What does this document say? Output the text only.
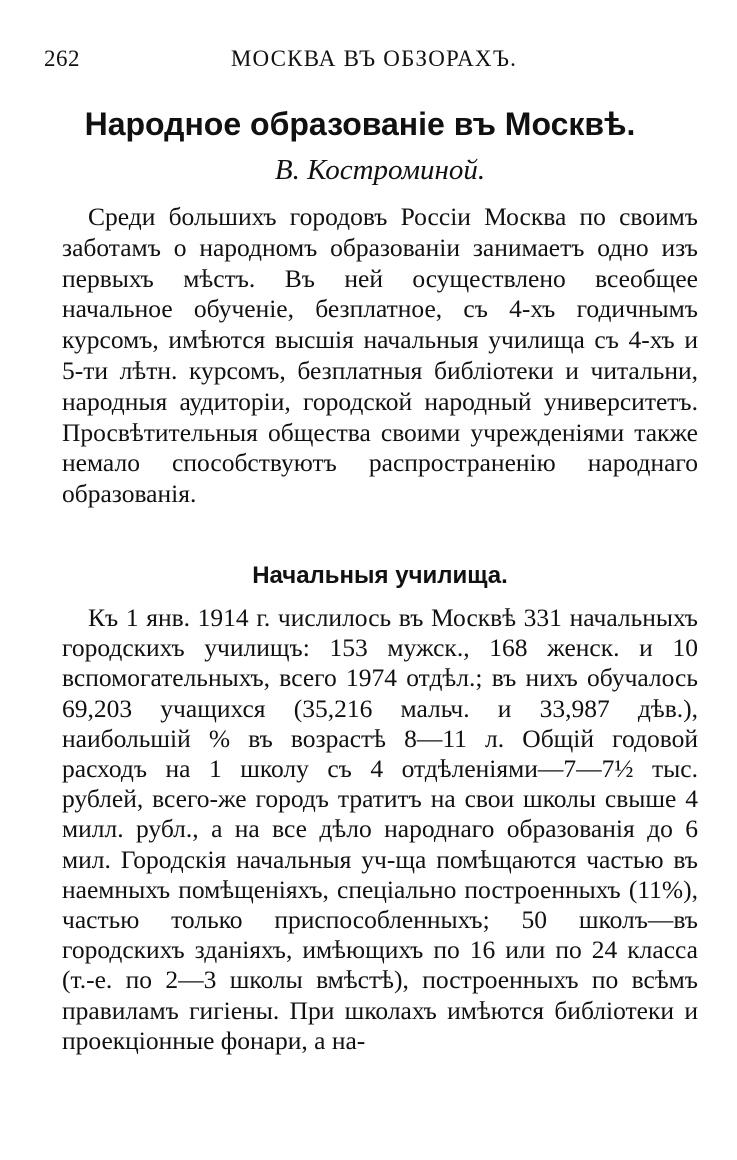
262	МОСКВА ВЪ ОБЗОРАХЪ.
Народное образованіе въ Москвѣ.
В. Костроминой.

Среди большихъ городовъ Россіи Москва по своимъ заботамъ о народномъ образованіи занимаетъ одно изъ первыхъ мѣстъ. Въ ней осуществлено всеобщее начальное обученіе, безплатное, съ 4-хъ годичнымъ курсомъ, имѣются высшія начальныя училища съ 4-хъ и 5-ти лѣтн. курсомъ, безплатныя библіотеки и читальни, народныя аудиторіи, городской народный университетъ. Просвѣтительныя общества своими учрежденіями также немало способствуютъ распространенію народнаго образованія.

Начальныя училища.

Къ 1 янв. 1914 г. числилось въ Москвѣ 331 начальныхъ городскихъ училищъ: 153 мужск., 168 женск. и 10 вспомогательныхъ, всего 1974 отдѣл.; въ нихъ обучалось 69,203 учащихся (35,216 мальч. и 33,987 дѣв.), наибольшій % въ возрастѣ 8—11 л. Общій годовой расходъ на 1 школу съ 4 отдѣленіями—7—7½ тыс. рублей, всего-же городъ тратитъ на свои школы свыше 4 милл. рубл., а на все дѣло народнаго образованія до 6 мил. Городскія начальныя уч-ща помѣщаются частью въ наемныхъ помѣщеніяхъ, спеціально построенныхъ (11%), частью только приспособленныхъ; 50 школъ—въ городскихъ зданіяхъ, имѣющихъ по 16 или по 24 класса (т.-е. по 2—3 школы вмѣстѣ), построенныхъ по всѣмъ правиламъ гигіены. При школахъ имѣются библіотеки и проекціонные фонари, а на-
